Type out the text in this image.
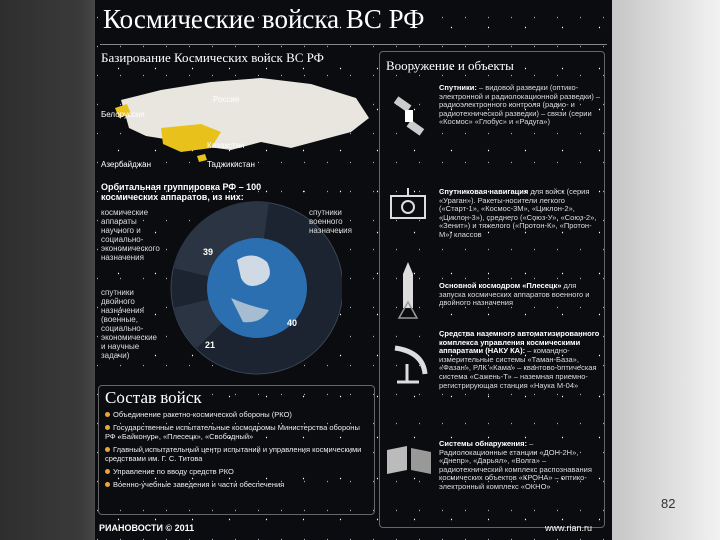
Космические войска ВС РФ
Базирование Космических войск ВС РФ
Россия
Белоруссия
Казахстан
Азербайджан	Таджикистан
Орбитальная группировка РФ – 100 космических аппаратов, из них:
космические аппараты научного и социально-экономического назначения
спутники двойного назначения (военные, социально-экономические и научные задачи)
спутники военного назначения
39
40
21
Состав войск
Объединение ракетно-космической обороны (РКО)
Государственные испытательные космодромы Министерства обороны РФ «Байконур», «Плесецк», «Свободный»
Главный испытательный центр испытаний и управления космическими средствами им. Г. С. Титова
Управление по вводу средств РКО
Военно-учебные заведения и части обеспечения
Вооружение и объекты
Спутники: – видовой разведки (оптико-электронной и радиолокационной разведки) – радиоэлектронного контроля (радио- и радиотехнической разведки) – связи (серии «Космос» «Глобус» и «Радуга»)
Спутниковая навигация для войск (серия «Ураган»). Ракеты-носители легкого («Старт-1», «Космос-3М», «Циклон-2», «Циклон-3»), среднего («Союз-У», «Союз-2», «Зенит») и тяжелого («Протон-К», «Протон-М») классов
Основной космодром «Плесецк» для запуска космических аппаратов военного и двойного назначения
Средства наземного автоматизированного комплекса управления космическими аппаратами (НАКУ КА): – командно-измерительные системы «Таман-База», «Фазан», РЛК «Кама» – квантово-оптическая система «Сажень-Т» – наземная приемно-регистрирующая станция «Наука М-04»
Системы обнаружения: – Радиолокационные станции «ДОН-2Н», «Днепр», «Дарьял», «Волга» – радиотехнический комплекс распознавания космических объектов «КРОНА» – оптико-электронный комплекс «ОКНО»
РИАНОВОСТИ © 2011	www.rian.ru
82
